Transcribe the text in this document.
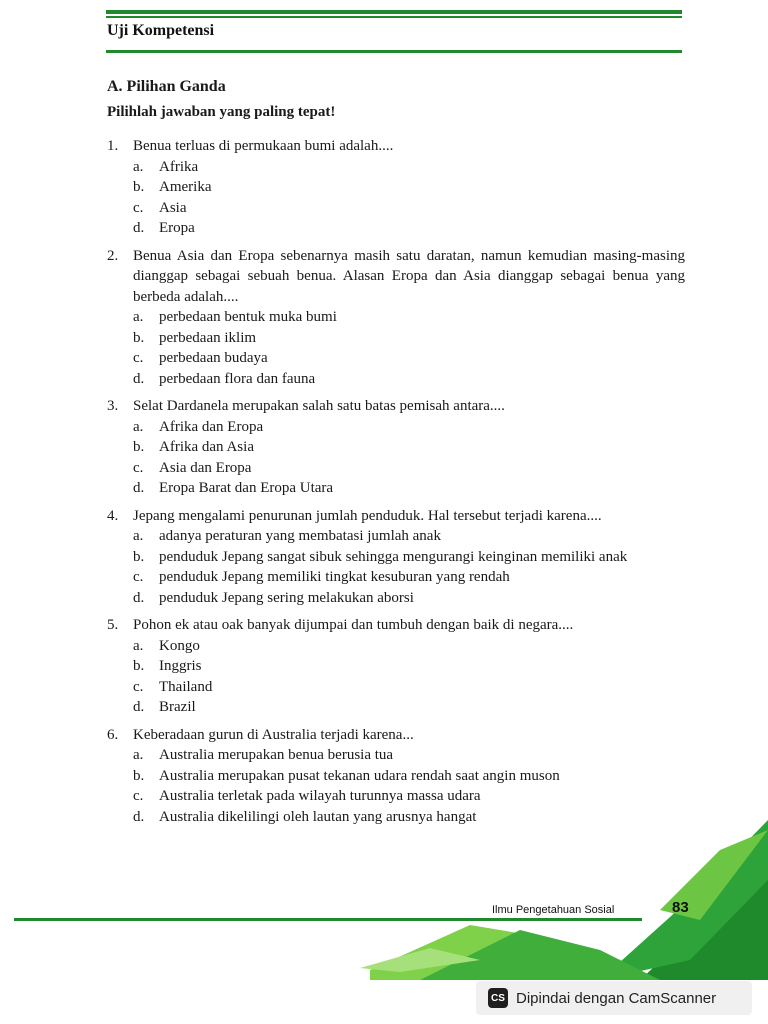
Uji Kompetensi
A. Pilihan Ganda
Pilihlah jawaban yang paling tepat!
1. Benua terluas di permukaan bumi adalah....
a.	Afrika
b. Amerika
c.	Asia
d. Eropa
2. Benua Asia dan Eropa sebenarnya masih satu daratan, namun kemudian masing-masing dianggap sebagai sebuah benua. Alasan Eropa dan Asia dianggap sebagai benua yang berbeda adalah....
a.	perbedaan bentuk muka bumi
b. perbedaan iklim
c.	perbedaan budaya
d. perbedaan flora dan fauna
3. Selat Dardanela merupakan salah satu batas pemisah antara....
a.	Afrika dan Eropa
b. Afrika dan Asia
c.	Asia dan Eropa
d. Eropa Barat dan Eropa Utara
4. Jepang mengalami penurunan jumlah penduduk. Hal tersebut terjadi karena....
a.	adanya peraturan yang membatasi jumlah anak
b. penduduk Jepang sangat sibuk sehingga mengurangi keinginan memiliki anak
c.	penduduk Jepang memiliki tingkat kesuburan yang rendah
d. penduduk Jepang sering melakukan aborsi
5. Pohon ek atau oak banyak dijumpai dan tumbuh dengan baik di negara....
a.	Kongo
b. Inggris
c.	Thailand
d. Brazil
6. Keberadaan gurun di Australia terjadi karena...
a.	Australia merupakan benua berusia tua
b. Australia merupakan pusat tekanan udara rendah saat angin muson
c.	Australia terletak pada wilayah turunnya massa udara
d. Australia dikelilingi oleh lautan yang arusnya hangat
Ilmu Pengetahuan Sosial	83
CS Dipindai dengan CamScanner
